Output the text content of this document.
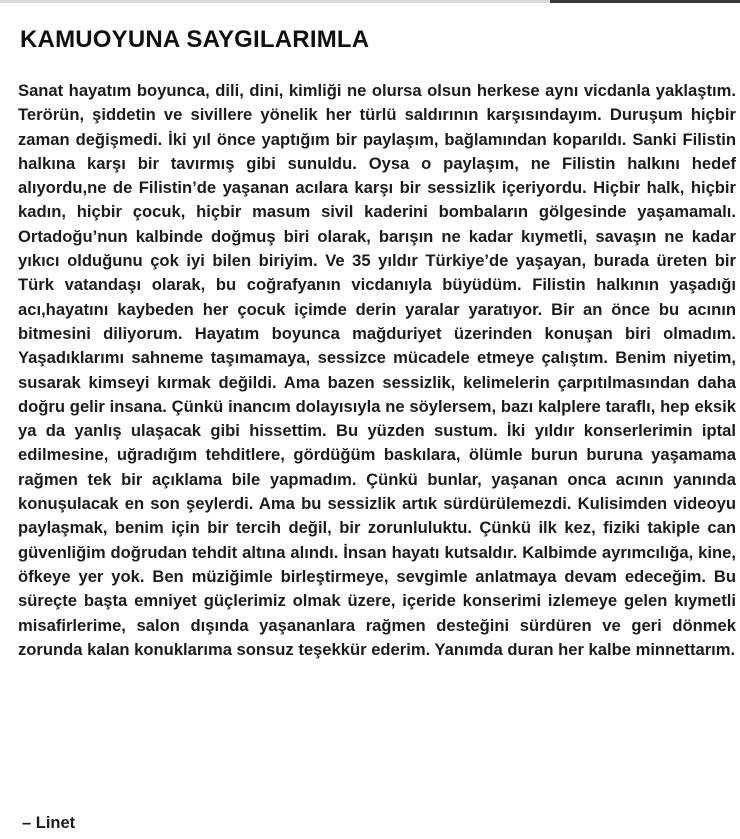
KAMUOYUNA SAYGILARIMLA

Sanat hayatım boyunca, dili, dini, kimliği ne olursa olsun herkese aynı vicdanla yaklaştım. Terörün, şiddetin ve sivillere yönelik her türlü saldırının karşısındayım. Duruşum hiçbir zaman değişmedi. İki yıl önce yaptığım bir paylaşım, bağlamından koparıldı. Sanki Filistin halkına karşı bir tavırmış gibi sunuldu. Oysa o paylaşım, ne Filistin halkını hedef alıyordu,ne de Filistin’de yaşanan acılara karşı bir sessizlik içeriyordu. Hiçbir halk, hiçbir kadın, hiçbir çocuk, hiçbir masum sivil kaderini bombaların gölgesinde yaşamamalı. Ortadoğu’nun kalbinde doğmuş biri olarak, barışın ne kadar kıymetli, savaşın ne kadar yıkıcı olduğunu çok iyi bilen biriyim. Ve 35 yıldır Türkiye’de yaşayan, burada üreten bir Türk vatandaşı olarak, bu coğrafyanın vicdanıyla büyüdüm. Filistin halkının yaşadığı acı,hayatını kaybeden her çocuk içimde derin yaralar yaratıyor. Bir an önce bu acının bitmesini diliyorum. Hayatım boyunca mağduriyet üzerinden konuşan biri olmadım. Yaşadıklarımı sahneme taşımamaya, sessizce mücadele etmeye çalıştım. Benim niyetim, susarak kimseyi kırmak değildi. Ama bazen sessizlik, kelimelerin çarpıtılmasından daha doğru gelir insana. Çünkü inancım dolayısıyla ne söylersem, bazı kalplere taraflı, hep eksik ya da yanlış ulaşacak gibi hissettim. Bu yüzden sustum. İki yıldır konserlerimin iptal edilmesine, uğradığım tehditlere, gördüğüm baskılara, ölümle burun buruna yaşamama rağmen tek bir açıklama bile yapmadım. Çünkü bunlar, yaşanan onca acının yanında konuşulacak en son şeylerdi. Ama bu sessizlik artık sürdürülemezdi. Kulisimden videoyu paylaşmak, benim için bir tercih değil, bir zorunluluktu. Çünkü ilk kez, fiziki takiple can güvenliğim doğrudan tehdit altına alındı. İnsan hayatı kutsaldır. Kalbimde ayrımcılığa, kine, öfkeye yer yok. Ben müziğimle birleştirmeye, sevgimle anlatmaya devam edeceğim. Bu süreçte başta emniyet güçlerimiz olmak üzere, içeride konserimi izlemeye gelen kıymetli misafirlerime, salon dışında yaşananlara rağmen desteğini sürdüren ve geri dönmek zorunda kalan konuklarıma sonsuz teşekkür ederim. Yanımda duran her kalbe minnettarım.

– Linet
